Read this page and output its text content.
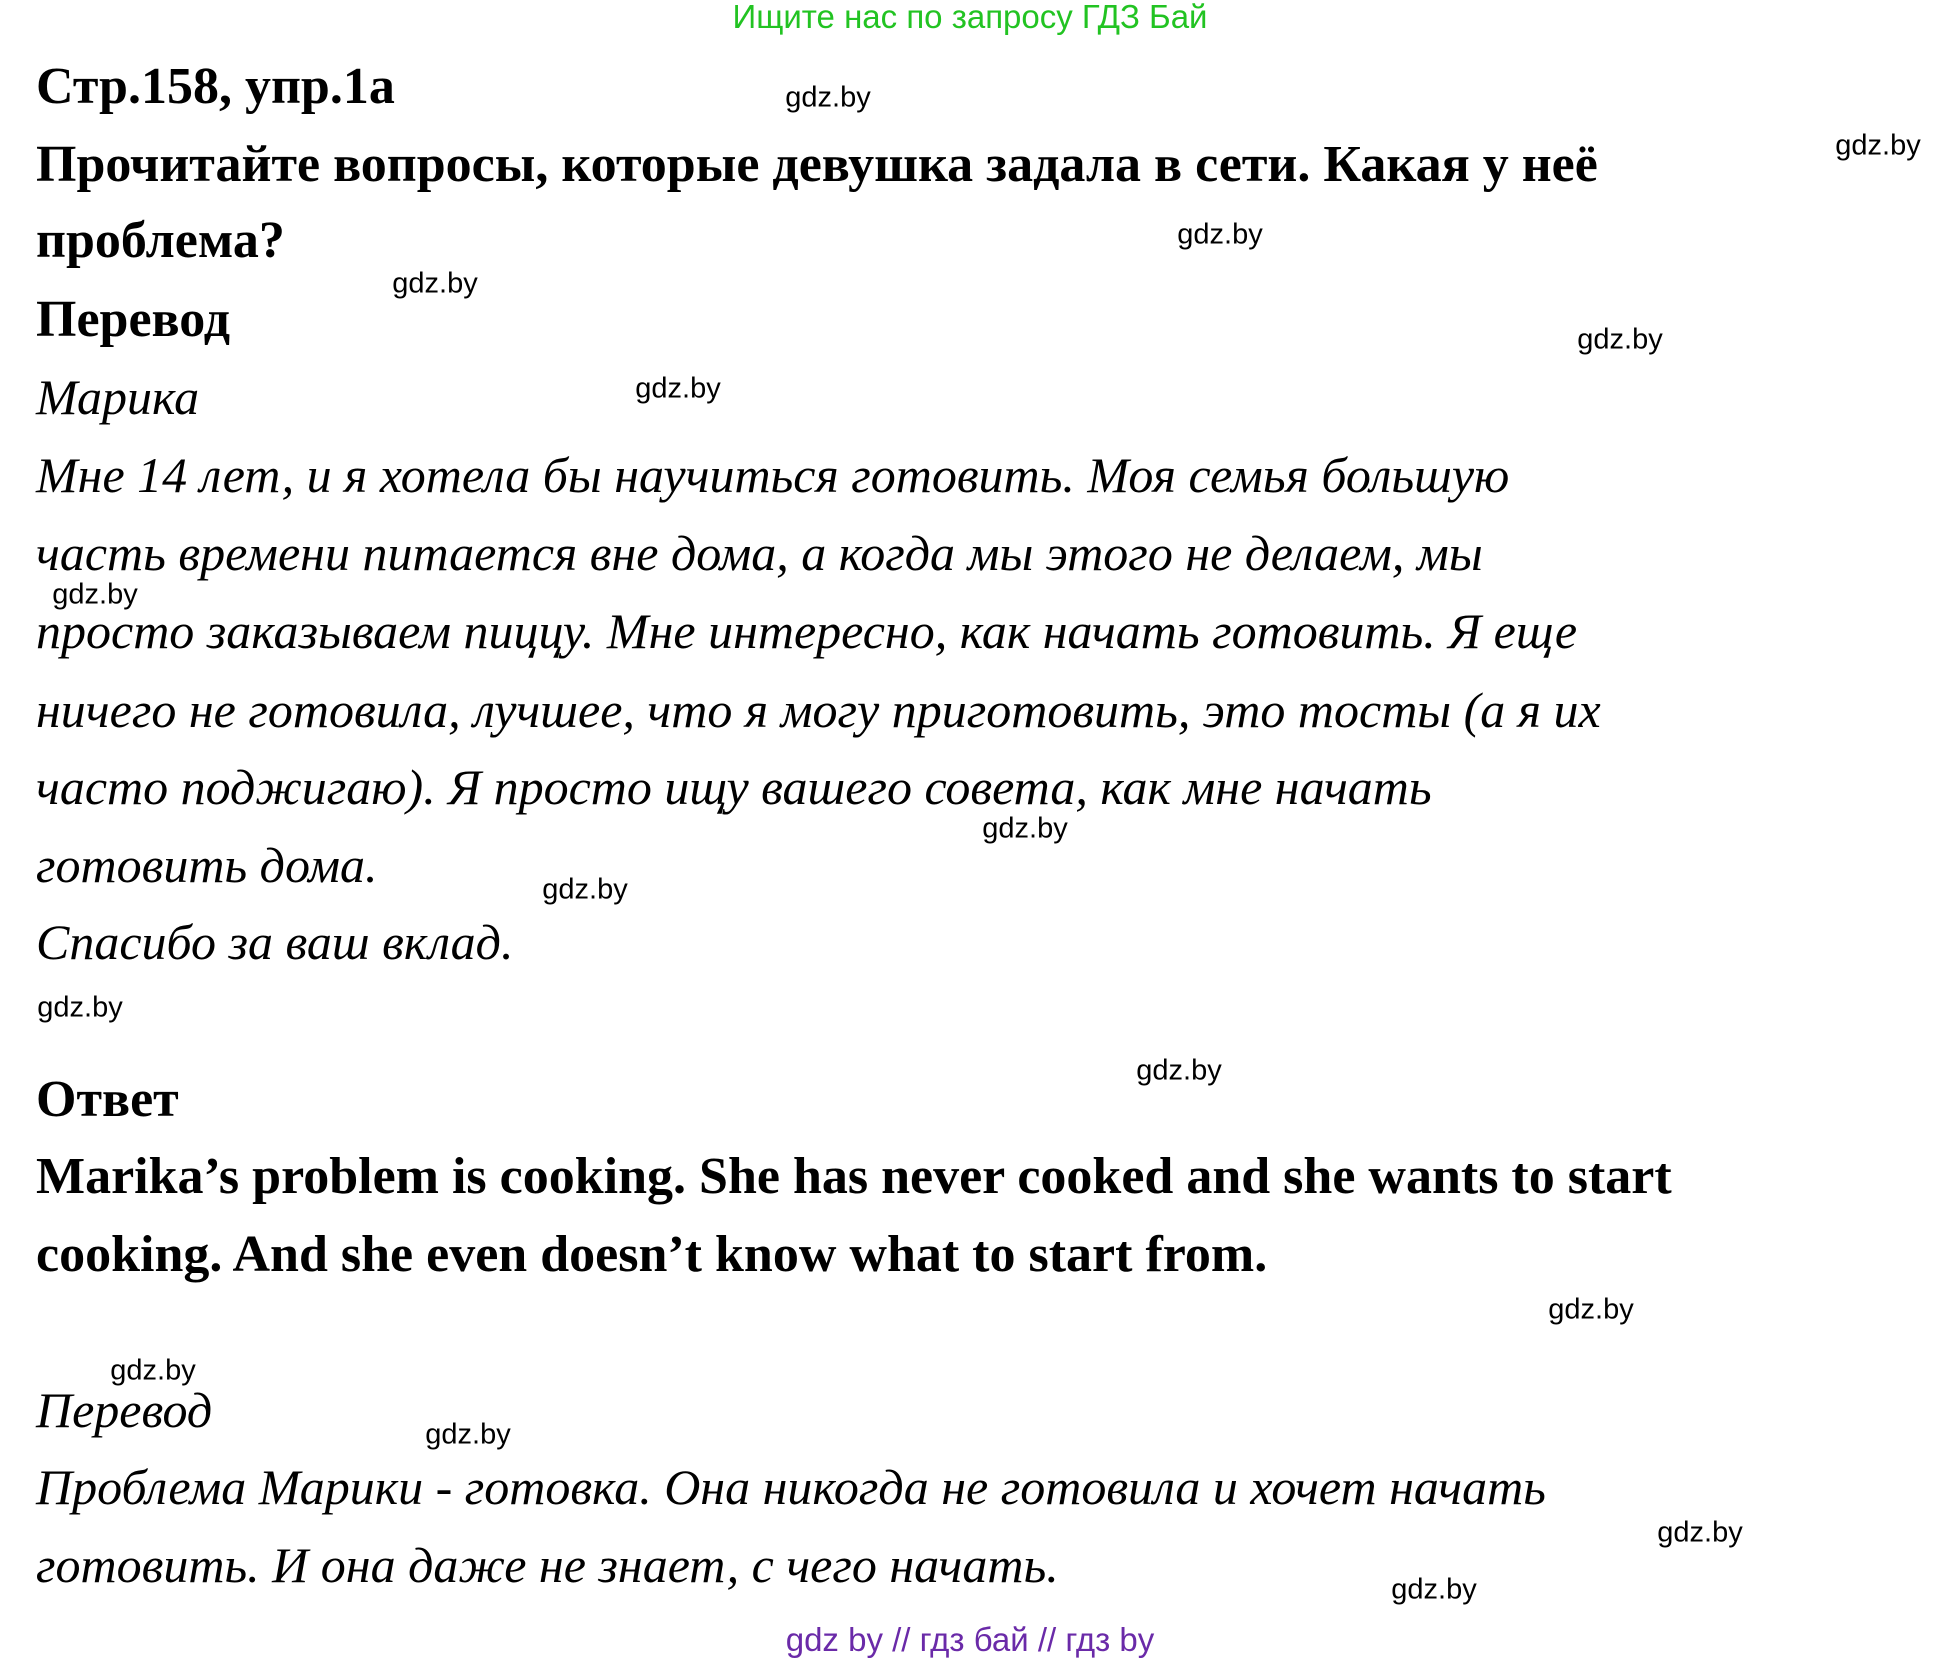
Ищите нас по запросу ГДЗ Бай
Стр.158, упр.1а
Прочитайте вопросы, которые девушка задала в сети. Какая у неё
проблема?
Перевод
Марика
Мне 14 лет, и я хотела бы научиться готовить. Моя семья большую
часть времени питается вне дома, а когда мы этого не делаем, мы
просто заказываем пиццу. Мне интересно, как начать готовить. Я еще
ничего не готовила, лучшее, что я могу приготовить, это тосты (а я их
часто поджигаю). Я просто ищу вашего совета, как мне начать
готовить дома.
Спасибо за ваш вклад.
Ответ
Marika’s problem is cooking. She has never cooked and she wants to start
cooking. And she even doesn’t know what to start from.
Перевод
Проблема Марики - готовка. Она никогда не готовила и хочет начать
готовить. И она даже не знает, с чего начать.
gdz.by
gdz.by
gdz.by
gdz.by
gdz.by
gdz.by
gdz.by
gdz.by
gdz.by
gdz.by
gdz.by
gdz.by
gdz.by
gdz.by
gdz.by
gdz.by
gdz by // гдз бай // гдз by
